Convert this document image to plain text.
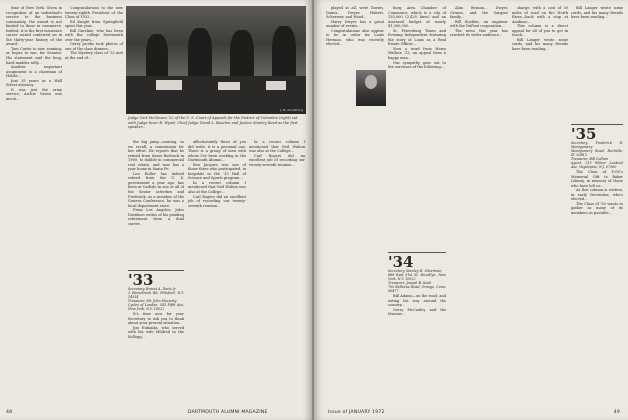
time of New York. Given in recognition of an individual's service to the business community, the award is not limited to those in commerce. Indeed, it is the first insurance career award conferred on in the thirty-year history of the award.

Tom Curtis is now running, or hopes to run, for Senator. His statement said the long, hard mudder rally...

Another important assignment is a chairman of Hobbs...

Just 35 years as a Wall Street attorney.

It was just the army service, Archie Green was much...

Congratulations to the new twenty-eighth President of the Class of 1932...

Ed Knight from Springfield spent this year...

Bill Gorsline, who has been with the college Dartmouth over the years...

Gerry Jacobs took photos of one of the class dinners...

The Mystery class of '32 met at the end of...

J. B. Armstrong
Judge Carl McGowan '32 of the U. S. Court of Appeals for the District of Columbia (right) sat with Judge Inzer B. Wyatt, Chief Judge David L. Bazelon and Justice Stanley Reed as the first speaker...

the big jump—earning, so we recall, a commission for her effort. He reports that he retired from Sears Roebuck in 1969, to dabble in commercial real estate, and now has a year home in Santa Fe.

Lou Roller has indeed retired from the U. S. government a year ago, has been at Carlisle in one or all of the Senior activities and Frederick, as a member of the Geneva Conference, he was a local department store.

From Los Angeles, Jules Davidson writes of his pending retirement from a dual career...

'33
Secretary, Ernest A. Davis Jr.
3 Stonebrook Rd, Pittsford, N.Y. 14534
Treasurer, Mr. John Moriarty
Cycles of London, 543 Fifth Ave, New York, N.Y. 10022

It's time now for your Secretary to ask you to think about your present situation...

Jim Eubanks, who served with his wife Mildred in the Kellogg...

affectionately three of you did write, it is a personal one. There is a group of men with whom I've been working in the Dartmouth Alumni...

Ken Jacques was one of those three who participated, in hospitals in the '33 Hall of Science and Sports program...

In a recent column I mentioned that Ned Walton was also at the College...

Carl Rogers did an excellent job of recording our twenty-seventh reunion...

In a recent column I mentioned that Ned Walton was also at the College...

Carl Rogers did an excellent job of recording our twenty-seventh reunion...

48	DARTMOUTH ALUMNI MAGAZINE

played at all, were Davies, Damiz, Dwyer, Hubert, Schermer, and Wood...

Harry Dwyer has a great number of events...

Congratulations also appear to be in order for Louis Herman, who was recently elected...

burg Area Chamber of Commerce, which is a city of 135,000 (2,435 lines) and an assessed budget of nearly $1,300,000...

St. Petersburg Times and Evening Independent featuring the story of Louis as a Real Estate Officer...

Now a word from Harry Wallace '33, an appeal from a happy man...

Our sympathy goes out to the survivors of the following...

'34
Secretary, Stanley H. Silverman
888 East 91st St, Brooklyn, New York, N.Y. 10022
Treasurer, Joseph B. Kesh
700 Bellevue Road, Orange, Conn. 06477

Bill Adams—on the road, and eating his way around the country...

Gerry McCauley and the Masons...

Alan Benson... Dwyer, Grimes, and the Sargent family...

Bill Koehler, an engineer with the DuPont corporation...

The news this year has reached its wider audience...

charge, with a cost of 30 miles of road on the North River—back with a stop at Anahuac...

This column is a direct appeal for all of you to get in touch...

Bill Langer wrote some cards, and his many friends have been reading...

Bill Langer wrote some cards, and his many friends have been reading...

'35
Secretary, Frederick R. Montgomery
Montgomery Road, Rochelle, Ill. 60815
Treasurer, Bill Cullum
Agent, 215 Wilnor Lookout Ave. Vagelopiss, N.J. 07960

The Class of 1935's Memorial Gift to Baker Library, in memory of those who have left us...

As this column is written, in early December, who's elected...

The Class of '35 wants to gather as many of its members as possible...

Issue of JANUARY 1972	49
